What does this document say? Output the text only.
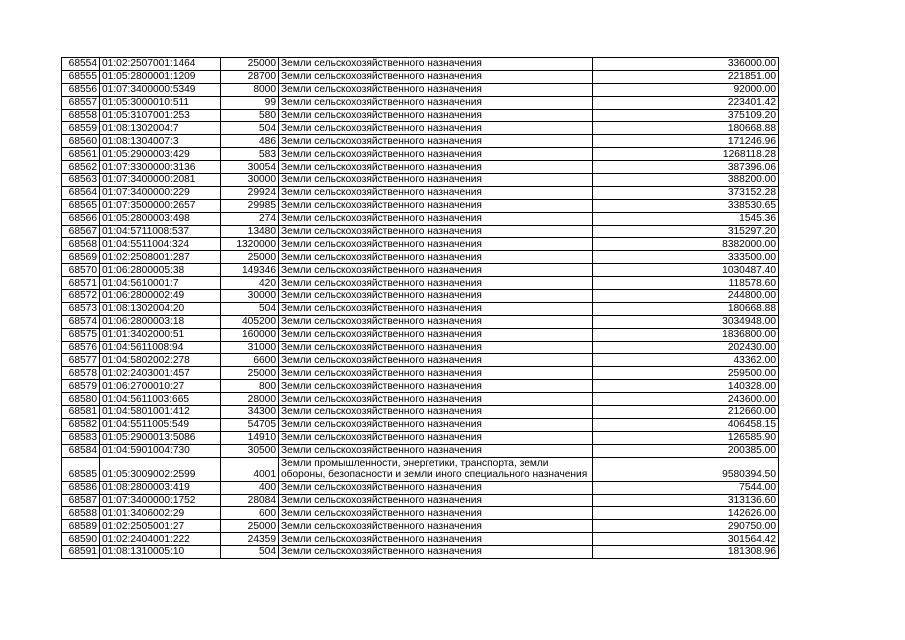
68554	01:02:2507001:1464	25000	Земли сельскохозяйственного назначения	336000.00
68555	01:05:2800001:1209	28700	Земли сельскохозяйственного назначения	221851.00
68556	01:07:3400000:5349	8000	Земли сельскохозяйственного назначения	92000.00
68557	01:05:3000010:511	99	Земли сельскохозяйственного назначения	223401.42
68558	01:05:3107001:253	580	Земли сельскохозяйственного назначения	375109.20
68559	01:08:1302004:7	504	Земли сельскохозяйственного назначения	180668.88
68560	01:08:1304007:3	486	Земли сельскохозяйственного назначения	171246.96
68561	01:05:2900003:429	583	Земли сельскохозяйственного назначения	1268118.28
68562	01:07:3300000:3136	30054	Земли сельскохозяйственного назначения	387396.06
68563	01:07:3400000:2081	30000	Земли сельскохозяйственного назначения	388200.00
68564	01:07:3400000:229	29924	Земли сельскохозяйственного назначения	373152.28
68565	01:07:3500000:2657	29985	Земли сельскохозяйственного назначения	338530.65
68566	01:05:2800003:498	274	Земли сельскохозяйственного назначения	1545.36
68567	01:04:5711008:537	13480	Земли сельскохозяйственного назначения	315297.20
68568	01:04:5511004:324	1320000	Земли сельскохозяйственного назначения	8382000.00
68569	01:02:2508001:287	25000	Земли сельскохозяйственного назначения	333500.00
68570	01:06:2800005:38	149346	Земли сельскохозяйственного назначения	1030487.40
68571	01:04:5610001:7	420	Земли сельскохозяйственного назначения	118578.60
68572	01:06:2800002:49	30000	Земли сельскохозяйственного назначения	244800.00
68573	01:08:1302004:20	504	Земли сельскохозяйственного назначения	180668.88
68574	01:06:2800003:18	405200	Земли сельскохозяйственного назначения	3034948.00
68575	01:01:3402000:51	160000	Земли сельскохозяйственного назначения	1836800.00
68576	01:04:5611008:94	31000	Земли сельскохозяйственного назначения	202430.00
68577	01:04:5802002:278	6600	Земли сельскохозяйственного назначения	43362.00
68578	01:02:2403001:457	25000	Земли сельскохозяйственного назначения	259500.00
68579	01:06:2700010:27	800	Земли сельскохозяйственного назначения	140328.00
68580	01:04:5611003:665	28000	Земли сельскохозяйственного назначения	243600.00
68581	01:04:5801001:412	34300	Земли сельскохозяйственного назначения	212660.00
68582	01:04:5511005:549	54705	Земли сельскохозяйственного назначения	406458.15
68583	01:05:2900013:5086	14910	Земли сельскохозяйственного назначения	126585.90
68584	01:04:5901004:730	30500	Земли сельскохозяйственного назначения	200385.00
68585	01:05:3009002:2599	4001	Земли промышленности, энергетики, транспорта, земли обороны, безопасности и земли иного специального назначения	9580394.50
68586	01:08:2800003:419	400	Земли сельскохозяйственного назначения	7544.00
68587	01:07:3400000:1752	28084	Земли сельскохозяйственного назначения	313136.60
68588	01:01:3406002:29	600	Земли сельскохозяйственного назначения	142626.00
68589	01:02:2505001:27	25000	Земли сельскохозяйственного назначения	290750.00
68590	01:02:2404001:222	24359	Земли сельскохозяйственного назначения	301564.42
68591	01:08:1310005:10	504	Земли сельскохозяйственного назначения	181308.96
